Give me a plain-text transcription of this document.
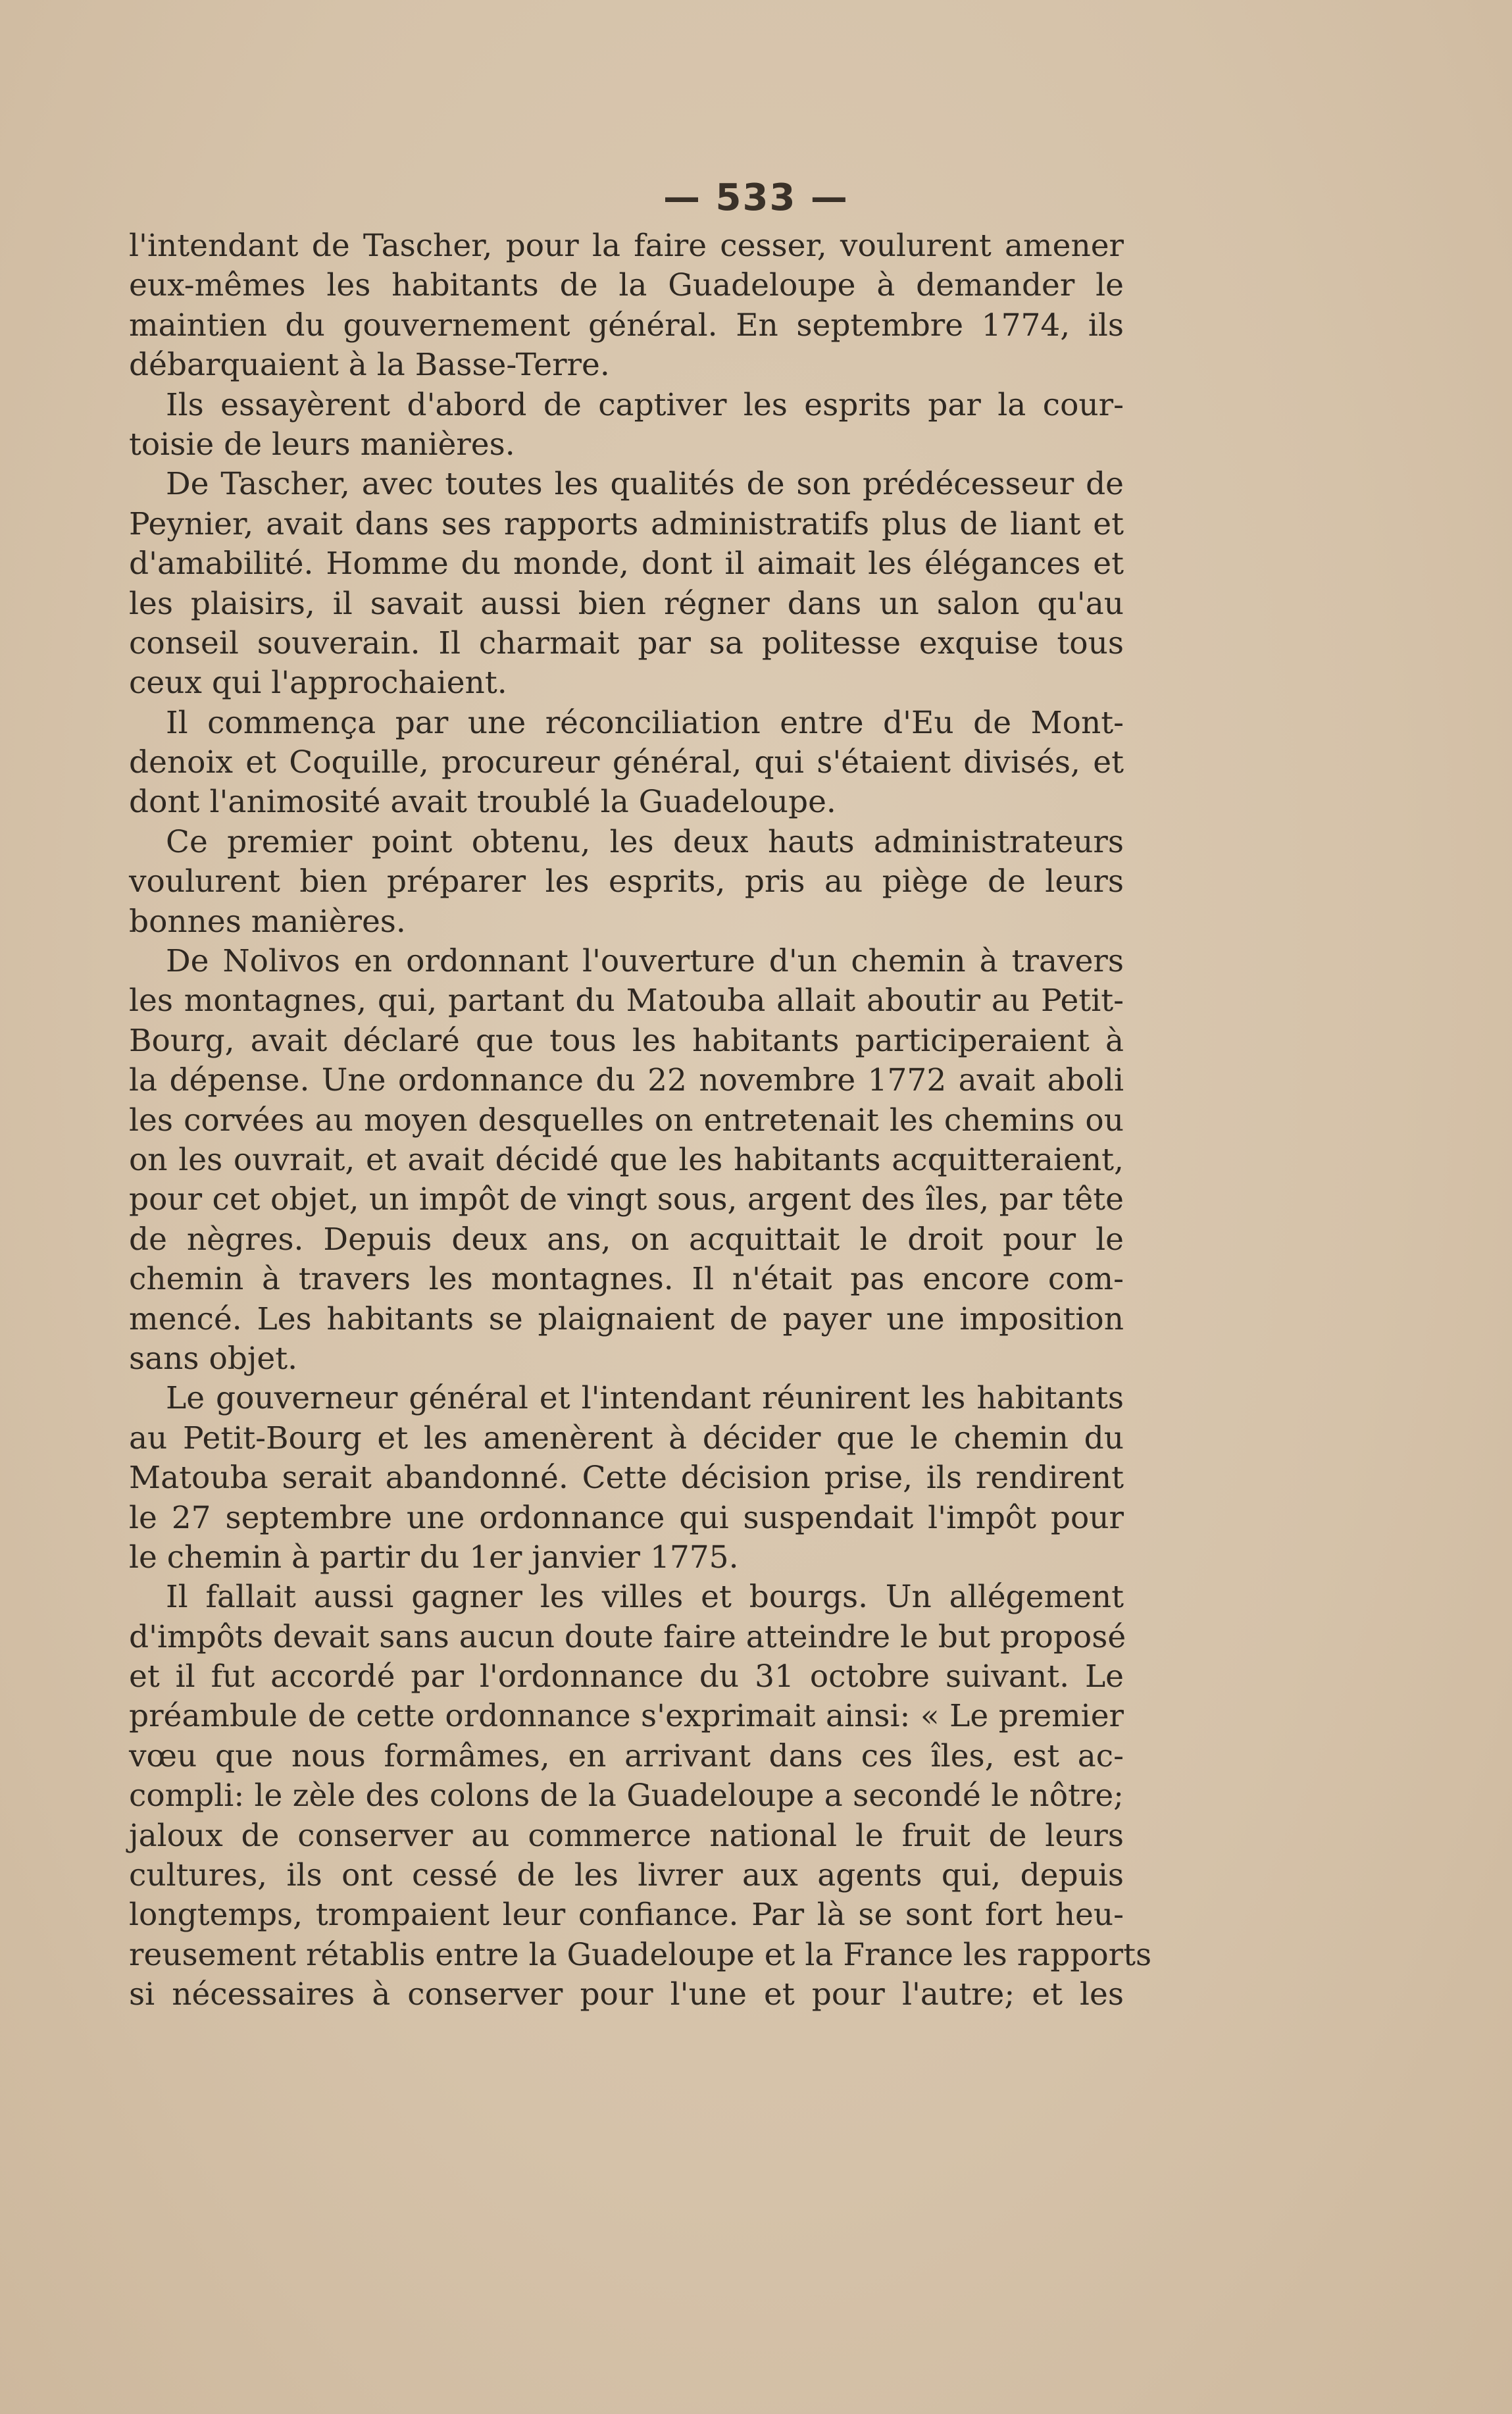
— 533 —
l'intendant de Tascher, pour la faire cesser, voulurent amener
eux-mêmes les habitants de la Guadeloupe à demander le
maintien du gouvernement général. En septembre 1774, ils
débarquaient à la Basse-Terre.
Ils essayèrent d'abord de captiver les esprits par la cour-
toisie de leurs manières.
De Tascher, avec toutes les qualités de son prédécesseur de
Peynier, avait dans ses rapports administratifs plus de liant et
d'amabilité. Homme du monde, dont il aimait les élégances et
les plaisirs, il savait aussi bien régner dans un salon qu'au
conseil souverain. Il charmait par sa politesse exquise tous
ceux qui l'approchaient.
Il commença par une réconciliation entre d'Eu de Mont-
denoix et Coquille, procureur général, qui s'étaient divisés, et
dont l'animosité avait troublé la Guadeloupe.
Ce premier point obtenu, les deux hauts administrateurs
voulurent bien préparer les esprits, pris au piège de leurs
bonnes manières.
De Nolivos en ordonnant l'ouverture d'un chemin à travers
les montagnes, qui, partant du Matouba allait aboutir au Petit-
Bourg, avait déclaré que tous les habitants participeraient à
la dépense. Une ordonnance du 22 novembre 1772 avait aboli
les corvées au moyen desquelles on entretenait les chemins ou
on les ouvrait, et avait décidé que les habitants acquitteraient,
pour cet objet, un impôt de vingt sous, argent des îles, par tête
de nègres. Depuis deux ans, on acquittait le droit pour le
chemin à travers les montagnes. Il n'était pas encore com-
mencé. Les habitants se plaignaient de payer une imposition
sans objet.
Le gouverneur général et l'intendant réunirent les habitants
au Petit-Bourg et les amenèrent à décider que le chemin du
Matouba serait abandonné. Cette décision prise, ils rendirent
le 27 septembre une ordonnance qui suspendait l'impôt pour
le chemin à partir du 1er janvier 1775.
Il fallait aussi gagner les villes et bourgs. Un allégement
d'impôts devait sans aucun doute faire atteindre le but proposé
et il fut accordé par l'ordonnance du 31 octobre suivant. Le
préambule de cette ordonnance s'exprimait ainsi: « Le premier
vœu que nous formâmes, en arrivant dans ces îles, est ac-
compli: le zèle des colons de la Guadeloupe a secondé le nôtre;
jaloux de conserver au commerce national le fruit de leurs
cultures, ils ont cessé de les livrer aux agents qui, depuis
longtemps, trompaient leur confiance. Par là se sont fort heu-
reusement rétablis entre la Guadeloupe et la France les rapports
si nécessaires à conserver pour l'une et pour l'autre; et les
